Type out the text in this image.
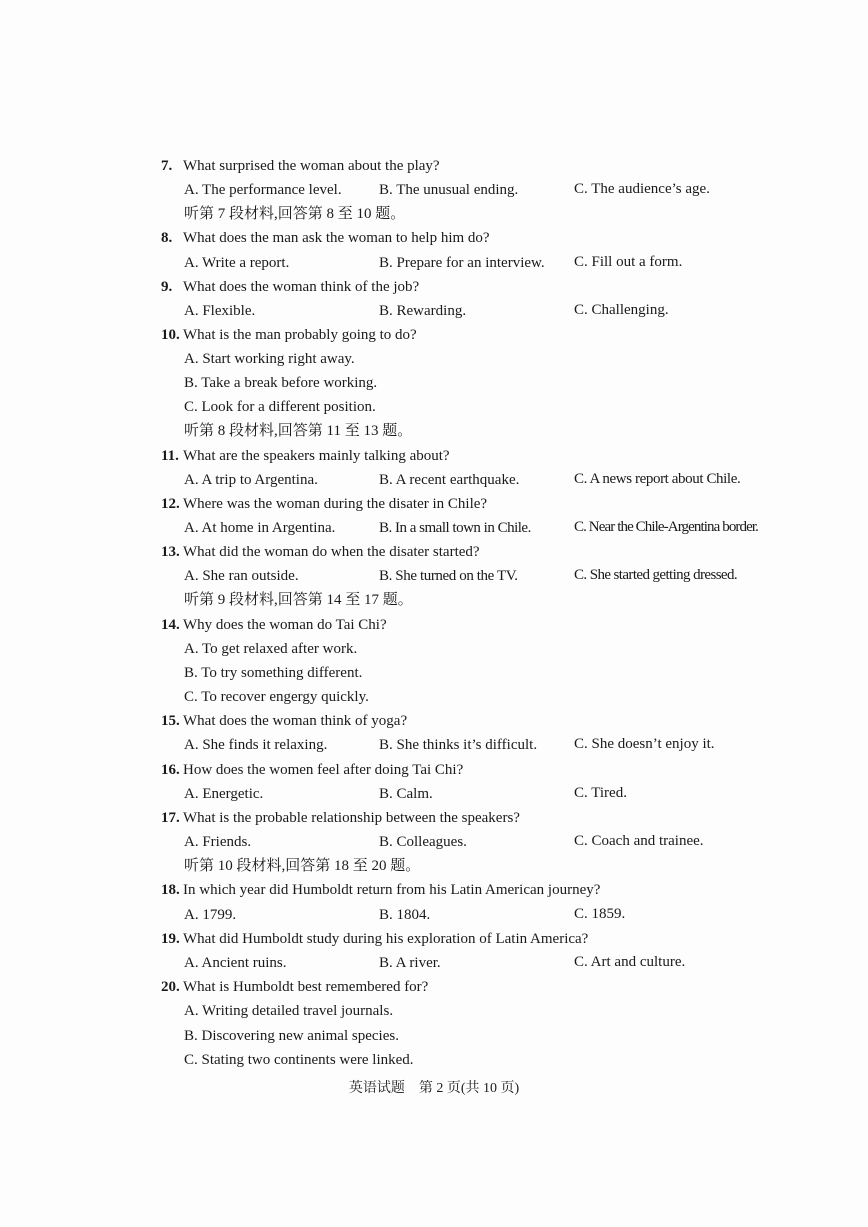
7. What surprised the woman about the play?
A. The performance level. B. The unusual ending.	C. The audience’s age.
听第 7 段材料,回答第 8 至 10 题。
8. What does the man ask the woman to help him do?
A. Write a report.	B. Prepare for an interview. C. Fill out a form.
9. What does the woman think of the job?
A. Flexible.	B. Rewarding.	C. Challenging.
10. What is the man probably going to do?
A. Start working right away.
B. Take a break before working.
C. Look for a different position.
听第 8 段材料,回答第 11 至 13 题。
11. What are the speakers mainly talking about?
A. A trip to Argentina.	B. A recent earthquake.	C. A news report about Chile.
12. Where was the woman during the disater in Chile?
A. At home in Argentina.	B. In a small town in Chile.	C. Near the Chile-Argentina border.
13. What did the woman do when the disater started?
A. She ran outside.	B. She turned on the TV.	C. She started getting dressed.
听第 9 段材料,回答第 14 至 17 题。
14. Why does the woman do Tai Chi?
A. To get relaxed after work.
B. To try something different.
C. To recover engergy quickly.
15. What does the woman think of yoga?
A. She finds it relaxing.	B. She thinks it’s difficult. C. She doesn’t enjoy it.
16. How does the women feel after doing Tai Chi?
A. Energetic.	B. Calm.	C. Tired.
17. What is the probable relationship between the speakers?
A. Friends.	B. Colleagues.	C. Coach and trainee.
听第 10 段材料,回答第 18 至 20 题。
18. In which year did Humboldt return from his Latin American journey?
A. 1799.	B. 1804.	C. 1859.
19. What did Humboldt study during his exploration of Latin America?
A. Ancient ruins.	B. A river.	C. Art and culture.
20. What is Humboldt best remembered for?
A. Writing detailed travel journals.
B. Discovering new animal species.
C. Stating two continents were linked.
英语试题　第 2 页(共 10 页)
